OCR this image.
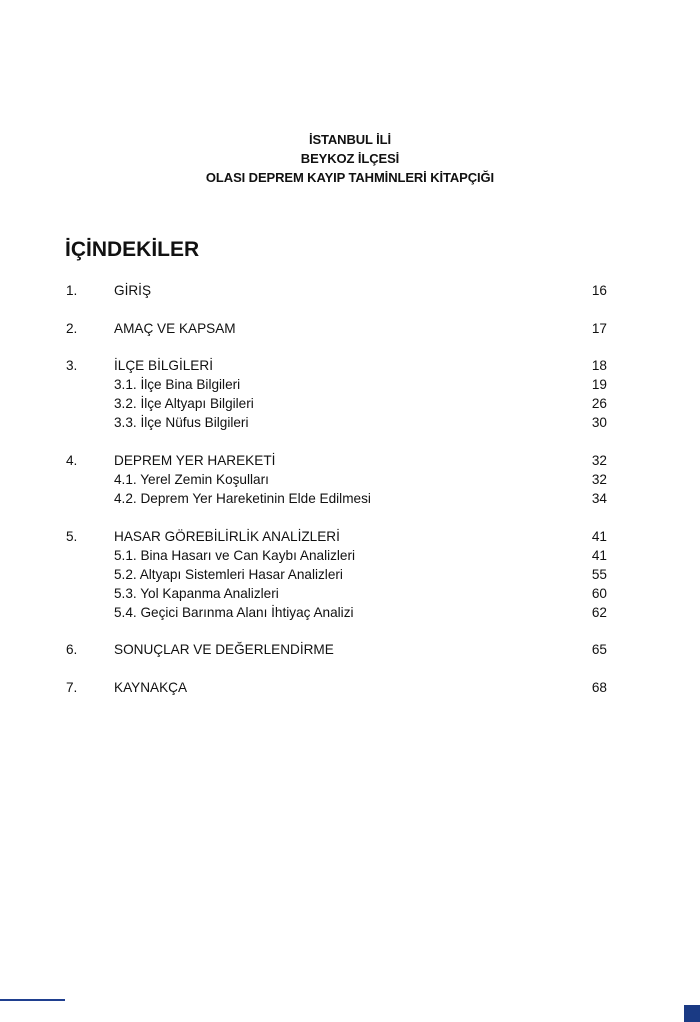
İSTANBUL İLİ
BEYKOZ İLÇESİ
OLASI DEPREM KAYIP TAHMİNLERİ KİTAPÇIĞI
İÇİNDEKİLER
1.	GİRİŞ	16
2.	AMAÇ VE KAPSAM	17
3.	İLÇE BİLGİLERİ	18
3.1. İlçe Bina Bilgileri	19
3.2. İlçe Altyapı Bilgileri	26
3.3. İlçe Nüfus Bilgileri	30
4.	DEPREM YER HAREKETİ	32
4.1. Yerel Zemin Koşulları	32
4.2. Deprem Yer Hareketinin Elde Edilmesi	34
5.	HASAR GÖREBİLİRLİK ANALİZLERİ	41
5.1. Bina Hasarı ve Can Kaybı Analizleri	41
5.2. Altyapı Sistemleri Hasar Analizleri	55
5.3. Yol Kapanma Analizleri	60
5.4. Geçici Barınma Alanı İhtiyaç Analizi	62
6.	SONUÇLAR VE DEĞERLENDİRME	65
7.	KAYNAKÇA	68
